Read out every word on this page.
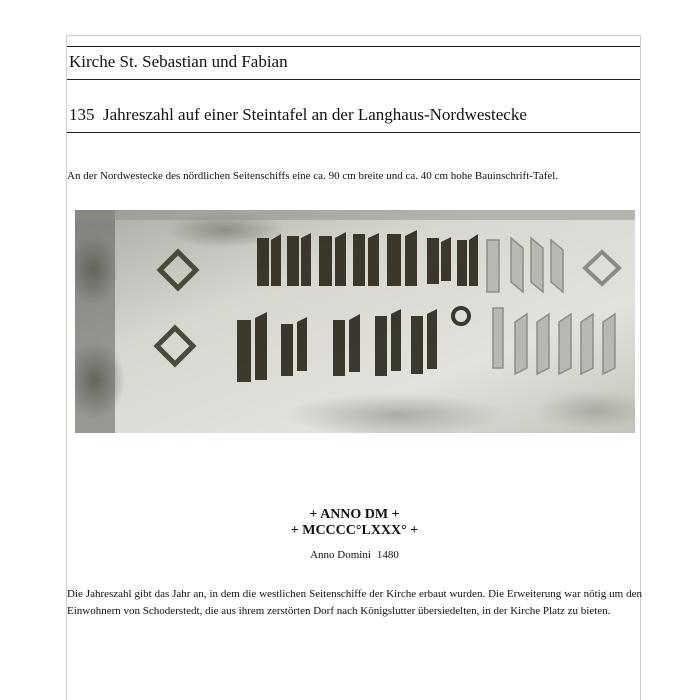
Kirche St. Sebastian und Fabian
135 Jahreszahl auf einer Steintafel an der Langhaus-Nordwestecke
An der Nordwestecke des nördlichen Seitenschiffs eine ca. 90 cm breite und ca. 40 cm hohe Bauinschrift-Tafel.
+ ANNO DM +
+ MCCCC°LXXX° +
Anno Domini 1480
Die Jahreszahl gibt das Jahr an, in dem die westlichen Seitenschiffe der Kirche erbaut wurden. Die Erweiterung war nötig um den Einwohnern von Schoderstedt, die aus ihrem zerstörten Dorf nach Königslutter übersiedelten, in der Kirche Platz zu bieten.
